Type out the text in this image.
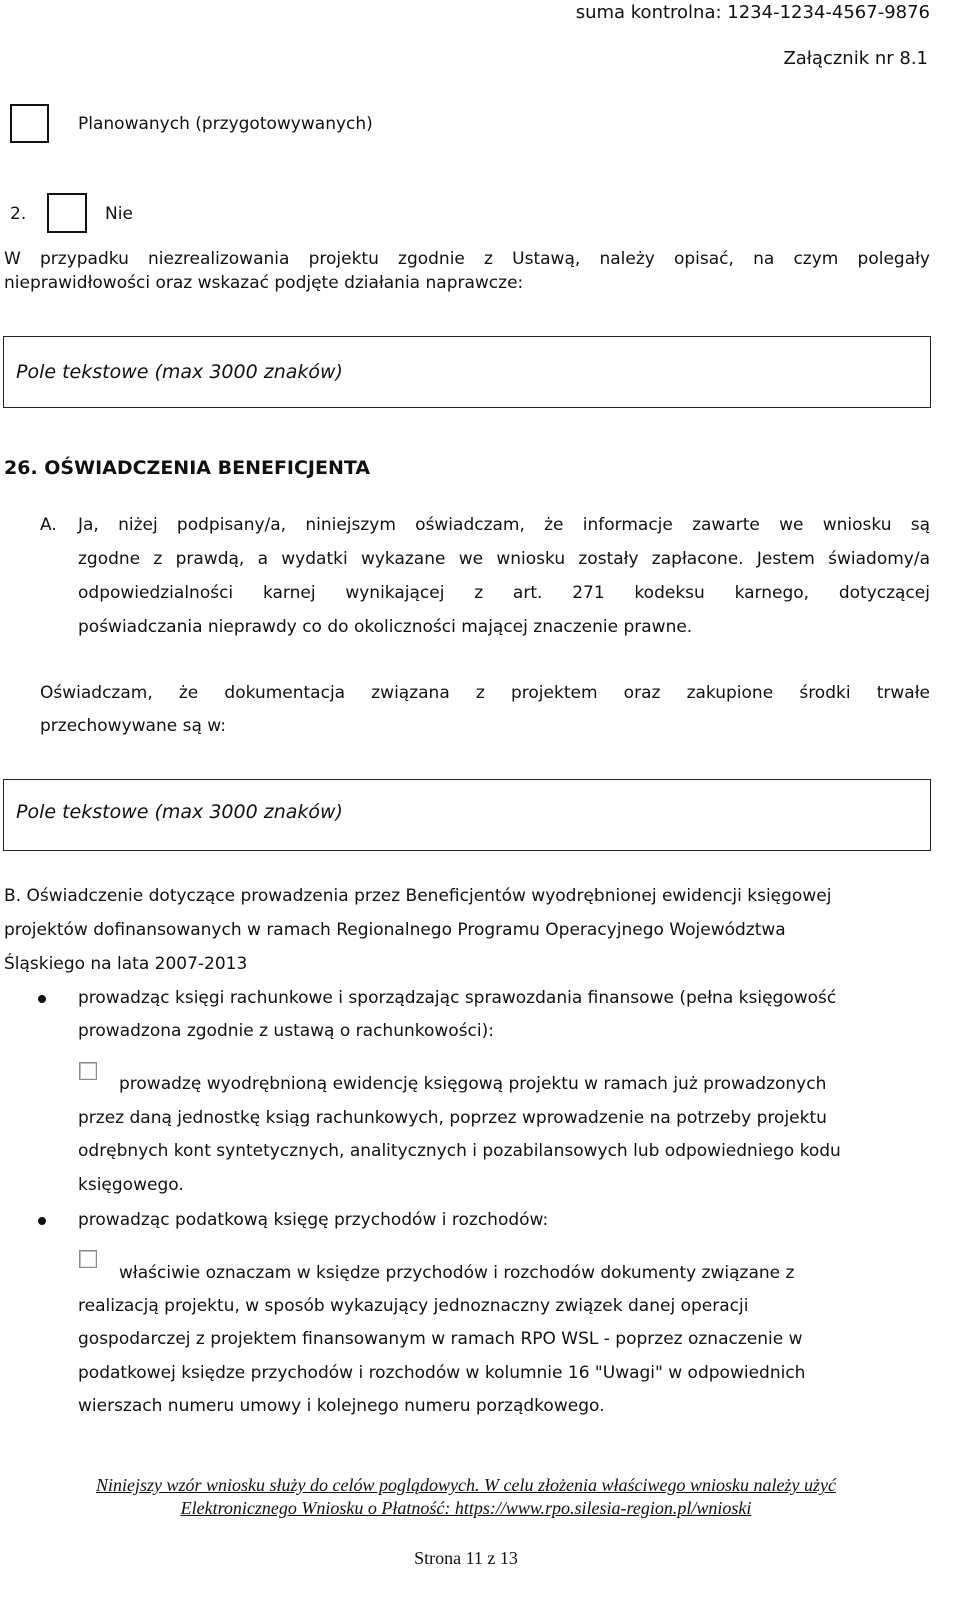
suma kontrolna: 1234-1234-4567-9876
Załącznik nr 8.1
Planowanych (przygotowywanych)
2.	Nie
W przypadku niezrealizowania projektu zgodnie z Ustawą, należy opisać, na czym polegały
nieprawidłowości oraz wskazać podjęte działania naprawcze:
Pole tekstowe (max 3000 znaków)
26. OŚWIADCZENIA BENEFICJENTA
A. Ja, niżej podpisany/a, niniejszym oświadczam, że informacje zawarte we wniosku są
zgodne z prawdą, a wydatki wykazane we wniosku zostały zapłacone. Jestem świadomy/a
odpowiedzialności karnej wynikającej z art. 271 kodeksu karnego, dotyczącej
poświadczania nieprawdy co do okoliczności mającej znaczenie prawne.
Oświadczam, że dokumentacja związana z projektem oraz zakupione środki trwałe
przechowywane są w:
Pole tekstowe (max 3000 znaków)
B. Oświadczenie dotyczące prowadzenia przez Beneficjentów wyodrębnionej ewidencji księgowej
projektów dofinansowanych w ramach Regionalnego Programu Operacyjnego Województwa
Śląskiego na lata 2007-2013
prowadząc księgi rachunkowe i sporządzając sprawozdania finansowe (pełna księgowość
prowadzona zgodnie z ustawą o rachunkowości):
prowadzę wyodrębnioną ewidencję księgową projektu w ramach już prowadzonych
przez daną jednostkę ksiąg rachunkowych, poprzez wprowadzenie na potrzeby projektu
odrębnych kont syntetycznych, analitycznych i pozabilansowych lub odpowiedniego kodu
księgowego.
prowadząc podatkową księgę przychodów i rozchodów:
właściwie oznaczam w księdze przychodów i rozchodów dokumenty związane z
realizacją projektu, w sposób wykazujący jednoznaczny związek danej operacji
gospodarczej z projektem finansowanym w ramach RPO WSL - poprzez oznaczenie w
podatkowej księdze przychodów i rozchodów w kolumnie 16 "Uwagi" w odpowiednich
wierszach numeru umowy i kolejnego numeru porządkowego.
Niniejszy wzór wniosku służy do celów poglądowych. W celu złożenia właściwego wniosku należy użyć
Elektronicznego Wniosku o Płatność: https://www.rpo.silesia-region.pl/wnioski
Strona 11 z 13
